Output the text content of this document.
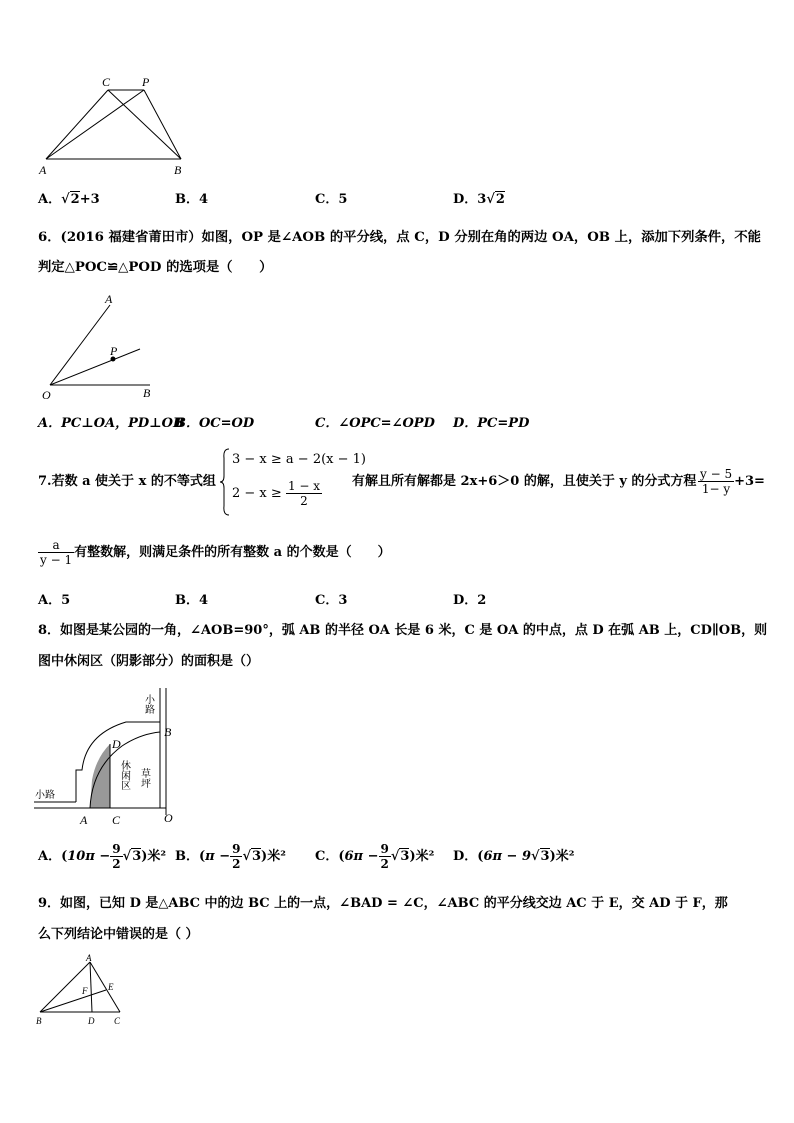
C	P
A	B
A．√2+3	B．4	C．5	D．3√2
6．(2016 福建省莆田市）如图，OP 是∠AOB 的平分线，点 C，D 分别在角的两边 OA，OB 上，添加下列条件，不能
判定△POC≌△POD 的选项是（　　）
A
P
O	B
A．PC⊥OA，PD⊥OB
B．OC=OD	C．∠OPC=∠OPD D．PC=PD
7.若数 a 使关于 x 的不等式组
3 − x ≥ a − 2(x − 1)
$2 - x \ge \frac{1 - x}{2}$ 有解且所有解都是 2x+6＞0 的解，且使关于 y 的分式方程 $\frac{y - 5}{1- y} +3=$
$\frac{a}{y - 1}$ 有整数解，则满足条件的所有整数 a 的个数是（　　）
A．5	B．4	C．3	D．2
8．如图是某公园的一角，∠AOB=90°，弧 AB 的半径 OA 长是 6 米，C 是 OA 的中点，点 D 在弧 AB 上，CD∥OB，则
图中休闲区（阴影部分）的面积是（）
小路
B
D
休闲区 草坪
小路
A C	O
A．$(10\pi - \frac{9}{2} √3)$米² B．$(\pi - \frac{9}{2} √3)$米² C．$(6\pi - \frac{9}{2} √3)$米² D．(6π − 9√3)米²
9．如图，已知 D 是△ABC 中的边 BC 上的一点，∠BAD = ∠C，∠ABC 的平分线交边 AC 于 E，交 AD 于 F，那
么下列结论中错误的是（ ）
A
F E
B	D C
